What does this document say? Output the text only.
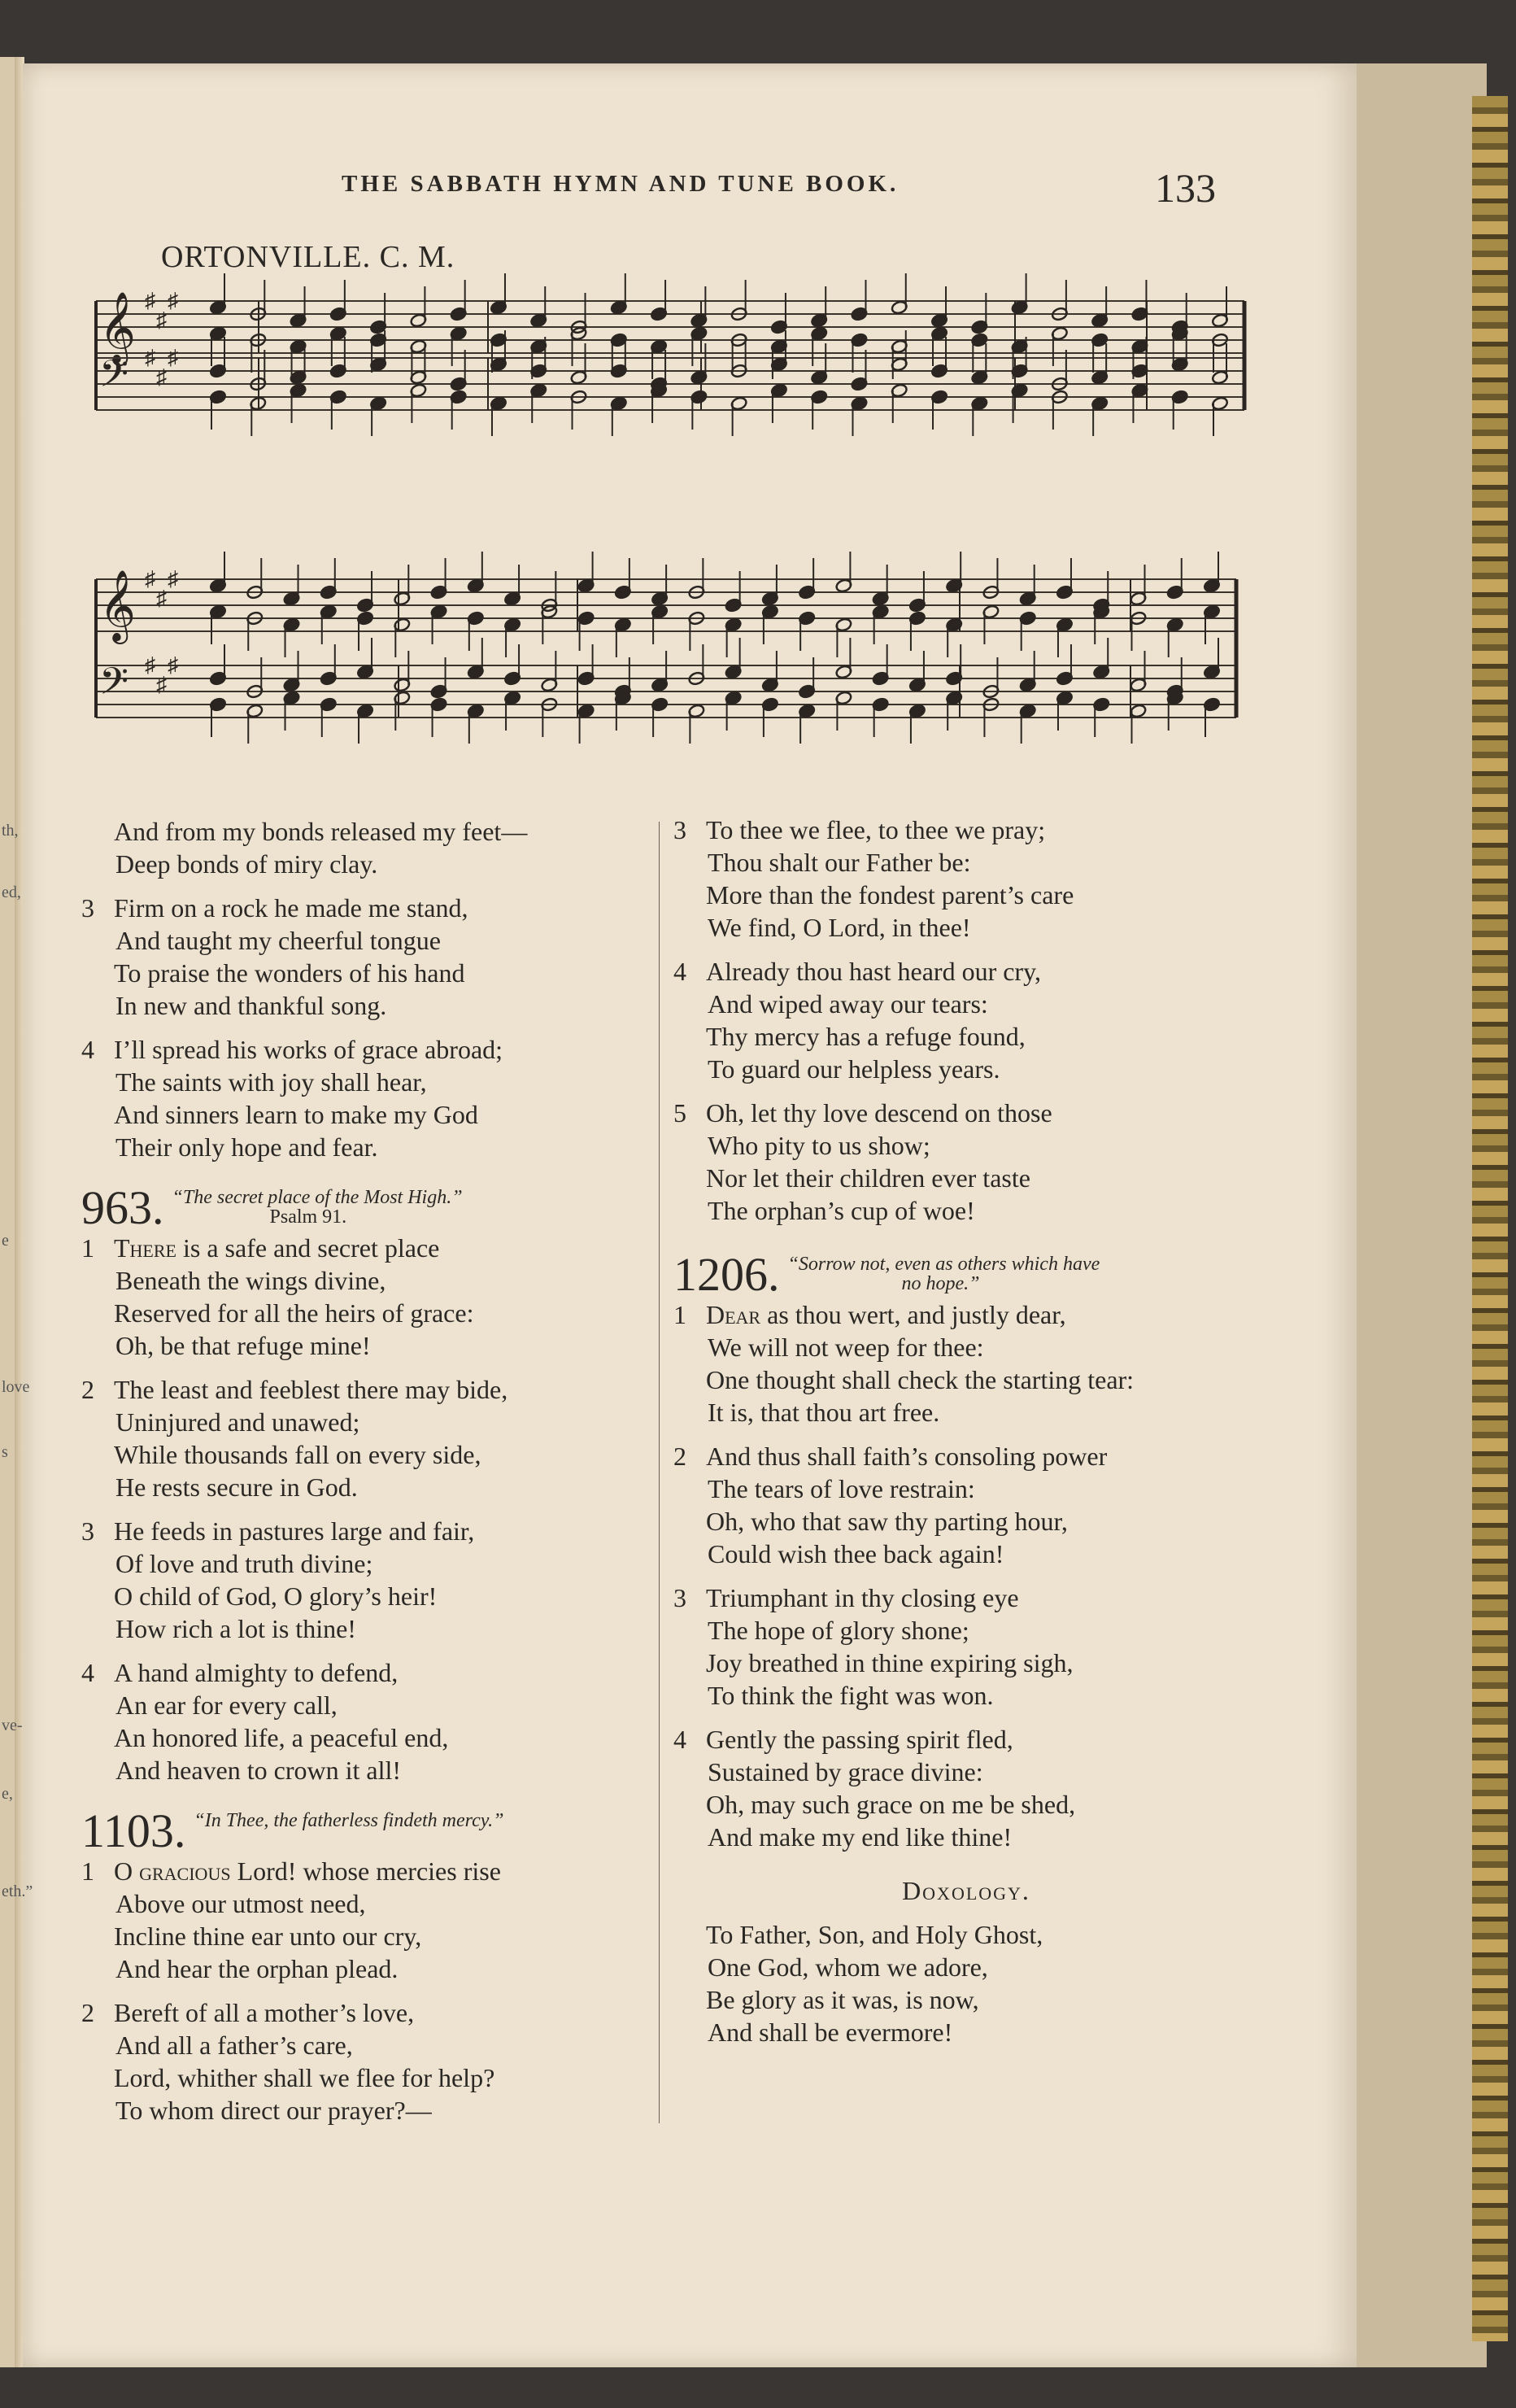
th,
ed,
e
love
s
ve-
e,
eth.”
THE SABBATH HYMN AND TUNE BOOK.	133
ORTONVILLE. C. M.
𝄞 ♯
♯
♯
𝄢 ♯
♯
♯
𝄞 ♯
♯
♯
𝄢 ♯
♯
♯
And from my bonds released my feet—
Deep bonds of miry clay.
3 Firm on a rock he made me stand,
And taught my cheerful tongue
To praise the wonders of his hand
In new and thankful song.
4 I’ll spread his works of grace abroad;
The saints with joy shall hear,
And sinners learn to make my God
Their only hope and fear.
963. “The secret place of the Most High.”
Psalm 91.
1 There is a safe and secret place
Beneath the wings divine,
Reserved for all the heirs of grace:
Oh, be that refuge mine!
2 The least and feeblest there may bide,
Uninjured and unawed;
While thousands fall on every side,
He rests secure in God.
3 He feeds in pastures large and fair,
Of love and truth divine;
O child of God, O glory’s heir!
How rich a lot is thine!
4 A hand almighty to defend,
An ear for every call,
An honored life, a peaceful end,
And heaven to crown it all!
1103. “In Thee, the fatherless findeth mercy.”
1 O gracious Lord! whose mercies rise
Above our utmost need,
Incline thine ear unto our cry,
And hear the orphan plead.
2 Bereft of all a mother’s love,
And all a father’s care,
Lord, whither shall we flee for help?
To whom direct our prayer?—
3 To thee we flee, to thee we pray;
Thou shalt our Father be:
More than the fondest parent’s care
We find, O Lord, in thee!
4 Already thou hast heard our cry,
And wiped away our tears:
Thy mercy has a refuge found,
To guard our helpless years.
5 Oh, let thy love descend on those
Who pity to us show;
Nor let their children ever taste
The orphan’s cup of woe!
1206. “Sorrow not, even as others which have
no hope.”
1 Dear as thou wert, and justly dear,
We will not weep for thee:
One thought shall check the starting tear:
It is, that thou art free.
2 And thus shall faith’s consoling power
The tears of love restrain:
Oh, who that saw thy parting hour,
Could wish thee back again!
3 Triumphant in thy closing eye
The hope of glory shone;
Joy breathed in thine expiring sigh,
To think the fight was won.
4 Gently the passing spirit fled,
Sustained by grace divine:
Oh, may such grace on me be shed,
And make my end like thine!
Doxology.
To Father, Son, and Holy Ghost,
One God, whom we adore,
Be glory as it was, is now,
And shall be evermore!
